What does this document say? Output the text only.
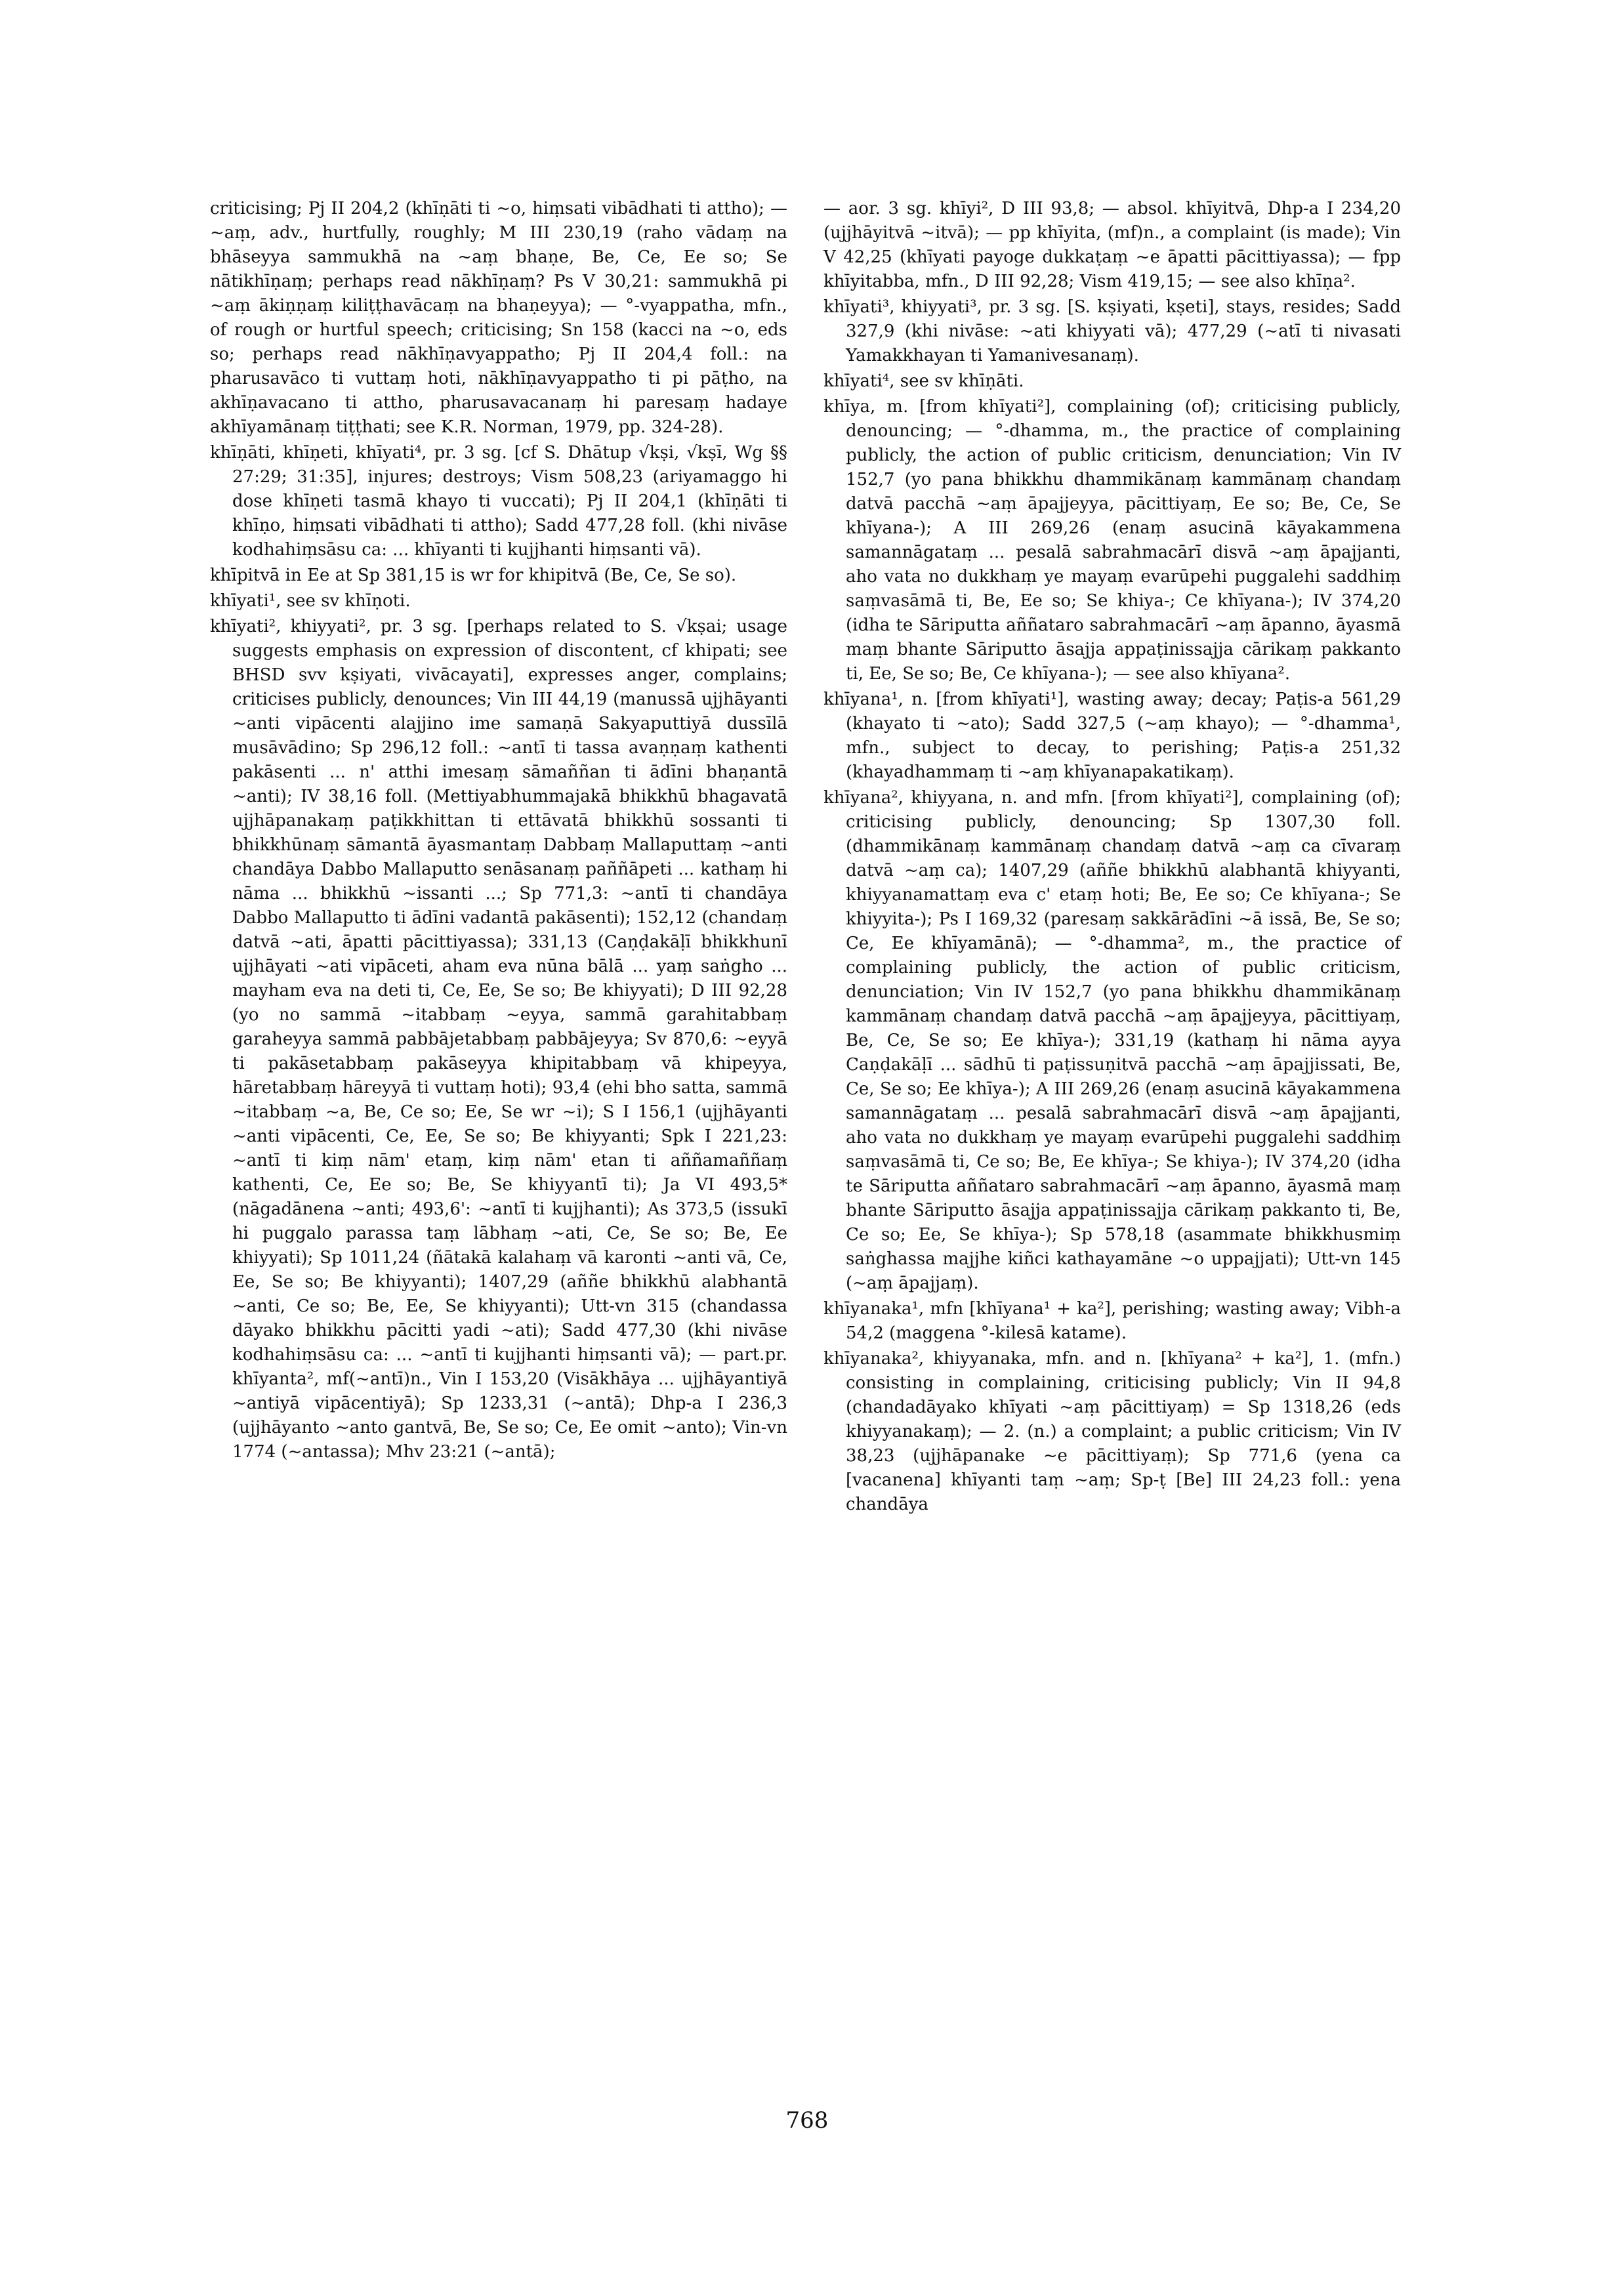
criticising; Pj II 204,2 (khīṇāti ti ~o, hiṃsati vibādhati ti attho); — ~aṃ, adv., hurtfully, roughly; M III 230,19 (raho vādaṃ na bhāseyya sammukhā na ~aṃ bhaṇe, Be, Ce, Ee so; Se nātikhīṇaṃ; perhaps read nākhīṇaṃ? Ps V 30,21: sammukhā pi ~aṃ ākiṇṇaṃ kiliṭṭhavācaṃ na bhaṇeyya); — °-vyappatha, mfn., of rough or hurtful speech; criticising; Sn 158 (kacci na ~o, eds so; perhaps read nākhīṇavyappatho; Pj II 204,4 foll.: na pharusavāco ti vuttaṃ hoti, nākhīṇavyappatho ti pi pāṭho, na akhīṇavacano ti attho, pharusavacanaṃ hi paresaṃ hadaye akhīyamānaṃ tiṭṭhati; see K.R. Norman, 1979, pp. 324-28).

khīṇāti, khīṇeti, khīyati⁴, pr. 3 sg. [cf S. Dhātup √kṣi, √kṣī, Wg §§ 27:29; 31:35], injures; destroys; Vism 508,23 (ariyamaggo hi dose khīṇeti tasmā khayo ti vuccati); Pj II 204,1 (khīṇāti ti khīṇo, hiṃsati vibādhati ti attho); Sadd 477,28 foll. (khi nivāse kodhahiṃsāsu ca: ... khīyanti ti kujjhanti hiṃsanti vā).

khīpitvā in Ee at Sp 381,15 is wr for khipitvā (Be, Ce, Se so).

khīyati¹, see sv khīṇoti.

khīyati², khiyyati², pr. 3 sg. [perhaps related to S. √kṣai; usage suggests emphasis on expression of discontent, cf khipati; see BHSD svv kṣiyati, vivācayati], expresses anger, complains; criticises publicly, denounces; Vin III 44,19 (manussā ujjhāyanti ~anti vipācenti alajjino ime samaṇā Sakyaputtiyā dussīlā musāvādino; Sp 296,12 foll.: ~antī ti tassa avaṇṇaṃ kathenti pakāsenti ... n' atthi imesaṃ sāmaññan ti ādīni bhaṇantā ~anti); IV 38,16 foll. (Mettiyabhummajakā bhikkhū bhagavatā ujjhāpanakaṃ paṭikkhittan ti ettāvatā bhikkhū sossanti ti bhikkhūnaṃ sāmantā āyasmantaṃ Dabbaṃ Mallaputtaṃ ~anti chandāya Dabbo Mallaputto senāsanaṃ paññāpeti ... kathaṃ hi nāma ... bhikkhū ~issanti ...; Sp 771,3: ~antī ti chandāya Dabbo Mallaputto ti ādīni vadantā pakāsenti); 152,12 (chandaṃ datvā ~ati, āpatti pācittiyassa); 331,13 (Caṇḍakāḷī bhikkhunī ujjhāyati ~ati vipāceti, aham eva nūna bālā ... yaṃ saṅgho ... mayham eva na deti ti, Ce, Ee, Se so; Be khiyyati); D III 92,28 (yo no sammā ~itabbaṃ ~eyya, sammā garahitabbaṃ garaheyya sammā pabbājetabbaṃ pabbājeyya; Sv 870,6: ~eyyā ti pakāsetabbaṃ pakāseyya khipitabbaṃ vā khipeyya, hāretabbaṃ hāreyyā ti vuttaṃ hoti); 93,4 (ehi bho satta, sammā ~itabbaṃ ~a, Be, Ce so; Ee, Se wr ~i); S I 156,1 (ujjhāyanti ~anti vipācenti, Ce, Ee, Se so; Be khiyyanti; Spk I 221,23: ~antī ti kiṃ nām' etaṃ, kiṃ nām' etan ti aññamaññaṃ kathenti, Ce, Ee so; Be, Se khiyyantī ti); Ja VI 493,5* (nāgadānena ~anti; 493,6': ~antī ti kujjhanti); As 373,5 (issukī hi puggalo parassa taṃ lābhaṃ ~ati, Ce, Se so; Be, Ee khiyyati); Sp 1011,24 (ñātakā kalahaṃ vā karonti ~anti vā, Ce, Ee, Se so; Be khiyyanti); 1407,29 (aññe bhikkhū alabhantā ~anti, Ce so; Be, Ee, Se khiyyanti); Utt-vn 315 (chandassa dāyako bhikkhu pācitti yadi ~ati); Sadd 477,30 (khi nivāse kodhahiṃsāsu ca: ... ~antī ti kujjhanti hiṃsanti vā); — part.pr. khīyanta², mf(~antī)n., Vin I 153,20 (Visākhāya ... ujjhāyantiyā ~antiyā vipācentiyā); Sp 1233,31 (~antā); Dhp-a I 236,3 (ujjhāyanto ~anto gantvā, Be, Se so; Ce, Ee omit ~anto); Vin-vn 1774 (~antassa); Mhv 23:21 (~antā);

— aor. 3 sg. khīyi², D III 93,8; — absol. khīyitvā, Dhp-a I 234,20 (ujjhāyitvā ~itvā); — pp khīyita, (mf)n., a complaint (is made); Vin V 42,25 (khīyati payoge dukkaṭaṃ ~e āpatti pācittiyassa); — fpp khīyitabba, mfn., D III 92,28; Vism 419,15; — see also khīṇa².

khīyati³, khiyyati³, pr. 3 sg. [S. kṣiyati, kṣeti], stays, resides; Sadd 327,9 (khi nivāse: ~ati khiyyati vā); 477,29 (~atī ti nivasati Yamakkhayan ti Yamanivesanaṃ).

khīyati⁴, see sv khīṇāti.

khīya, m. [from khīyati²], complaining (of); criticising publicly, denouncing; — °-dhamma, m., the practice of complaining publicly, the action of public criticism, denunciation; Vin IV 152,7 (yo pana bhikkhu dhammikānaṃ kammānaṃ chandaṃ datvā pacchā ~aṃ āpajjeyya, pācittiyaṃ, Ee so; Be, Ce, Se khīyana-); A III 269,26 (enaṃ asucinā kāyakammena samannāgataṃ ... pesalā sabrahmacārī disvā ~aṃ āpajjanti, aho vata no dukkhaṃ ye mayaṃ evarūpehi puggalehi saddhiṃ saṃvasāmā ti, Be, Ee so; Se khiya-; Ce khīyana-); IV 374,20 (idha te Sāriputta aññataro sabrahmacārī ~aṃ āpanno, āyasmā maṃ bhante Sāriputto āsajja appaṭinissajja cārikaṃ pakkanto ti, Ee, Se so; Be, Ce khīyana-); — see also khīyana².

khīyana¹, n. [from khīyati¹], wasting away; decay; Paṭis-a 561,29 (khayato ti ~ato); Sadd 327,5 (~aṃ khayo); — °-dhamma¹, mfn., subject to decay, to perishing; Paṭis-a 251,32 (khayadhammaṃ ti ~aṃ khīyanapakatikaṃ).

khīyana², khiyyana, n. and mfn. [from khīyati²], complaining (of); criticising publicly, denouncing; Sp 1307,30 foll. (dhammikānaṃ kammānaṃ chandaṃ datvā ~aṃ ca cīvaraṃ datvā ~aṃ ca); 1407,29 (aññe bhikkhū alabhantā khiyyanti, khiyyanamattaṃ eva c' etaṃ hoti; Be, Ee so; Ce khīyana-; Se khiyyita-); Ps I 169,32 (paresaṃ sakkārādīni ~ā issā, Be, Se so; Ce, Ee khīyamānā); — °-dhamma², m., the practice of complaining publicly, the action of public criticism, denunciation; Vin IV 152,7 (yo pana bhikkhu dhammikānaṃ kammānaṃ chandaṃ datvā pacchā ~aṃ āpajjeyya, pācittiyaṃ, Be, Ce, Se so; Ee khīya-); 331,19 (kathaṃ hi nāma ayya Caṇḍakāḷī ... sādhū ti paṭissuṇitvā pacchā ~aṃ āpajjissati, Be, Ce, Se so; Ee khīya-); A III 269,26 (enaṃ asucinā kāyakammena samannāgataṃ ... pesalā sabrahmacārī disvā ~aṃ āpajjanti, aho vata no dukkhaṃ ye mayaṃ evarūpehi puggalehi saddhiṃ saṃvasāmā ti, Ce so; Be, Ee khīya-; Se khiya-); IV 374,20 (idha te Sāriputta aññataro sabrahmacārī ~aṃ āpanno, āyasmā maṃ bhante Sāriputto āsajja appaṭinissajja cārikaṃ pakkanto ti, Be, Ce so; Ee, Se khīya-); Sp 578,18 (asammate bhikkhusmiṃ saṅghassa majjhe kiñci kathayamāne ~o uppajjati); Utt-vn 145 (~aṃ āpajjaṃ).

khīyanaka¹, mfn [khīyana¹ + ka²], perishing; wasting away; Vibh-a 54,2 (maggena °-kilesā katame).

khīyanaka², khiyyanaka, mfn. and n. [khīyana² + ka²], 1. (mfn.) consisting in complaining, criticising publicly; Vin II 94,8 (chandadāyako khīyati ~aṃ pācittiyaṃ) = Sp 1318,26 (eds khiyyanakaṃ); — 2. (n.) a complaint; a public criticism; Vin IV 38,23 (ujjhāpanake ~e pācittiyaṃ); Sp 771,6 (yena ca [vacanena] khīyanti taṃ ~aṃ; Sp-ṭ [Be] III 24,23 foll.: yena chandāya

768
